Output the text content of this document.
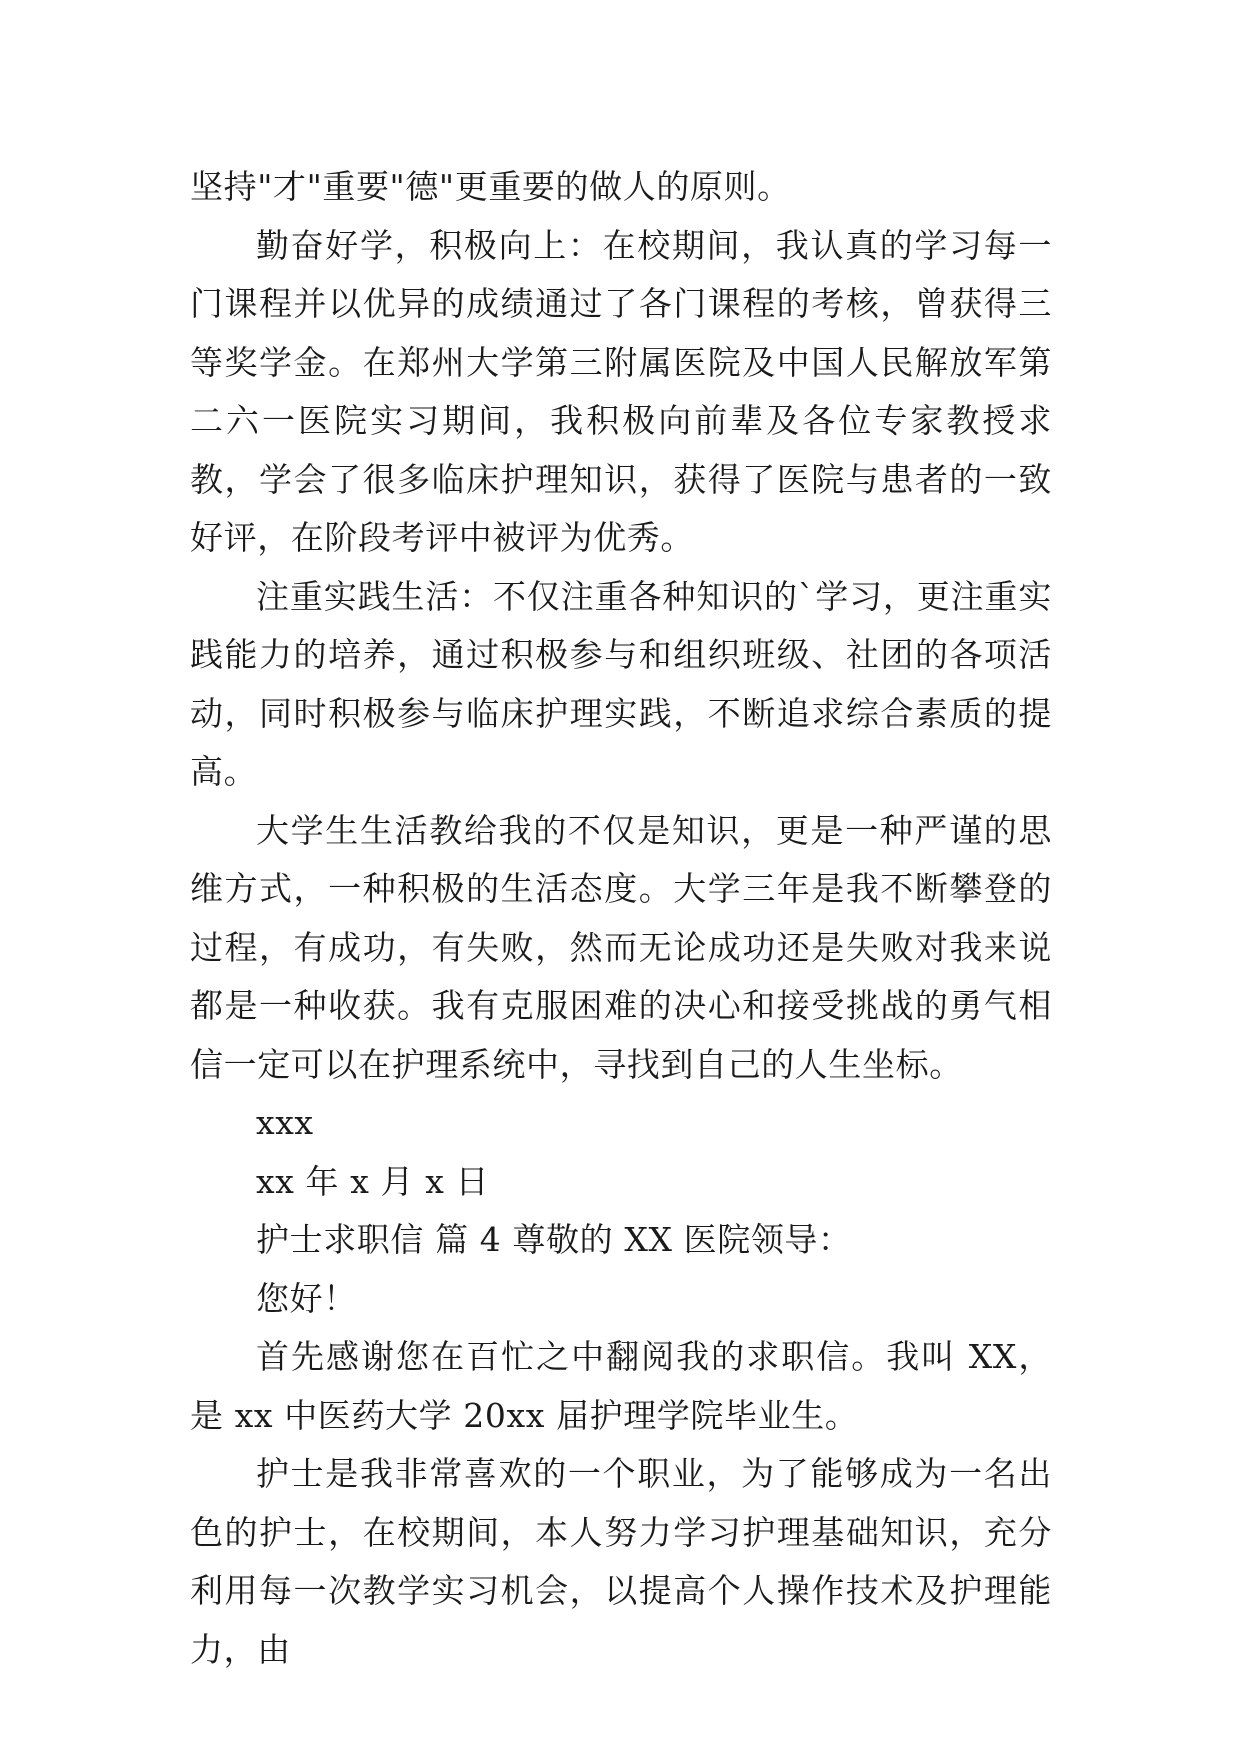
坚持"才"重要"德"更重要的做人的原则。

勤奋好学，积极向上：在校期间，我认真的学习每一门课程并以优异的成绩通过了各门课程的考核，曾获得三等奖学金。在郑州大学第三附属医院及中国人民解放军第二六一医院实习期间，我积极向前辈及各位专家教授求教，学会了很多临床护理知识，获得了医院与患者的一致好评，在阶段考评中被评为优秀。

注重实践生活：不仅注重各种知识的`学习，更注重实践能力的培养，通过积极参与和组织班级、社团的各项活动，同时积极参与临床护理实践，不断追求综合素质的提高。

大学生生活教给我的不仅是知识，更是一种严谨的思维方式，一种积极的生活态度。大学三年是我不断攀登的过程，有成功，有失败，然而无论成功还是失败对我来说都是一种收获。我有克服困难的决心和接受挑战的勇气相信一定可以在护理系统中，寻找到自己的人生坐标。

xxx

xx 年 x 月 x 日

护士求职信 篇 4 尊敬的 XX 医院领导：

您好！

首先感谢您在百忙之中翻阅我的求职信。我叫 XX，是 xx 中医药大学 20xx 届护理学院毕业生。

护士是我非常喜欢的一个职业，为了能够成为一名出色的护士，在校期间，本人努力学习护理基础知识，充分利用每一次教学实习机会，以提高个人操作技术及护理能力，由
